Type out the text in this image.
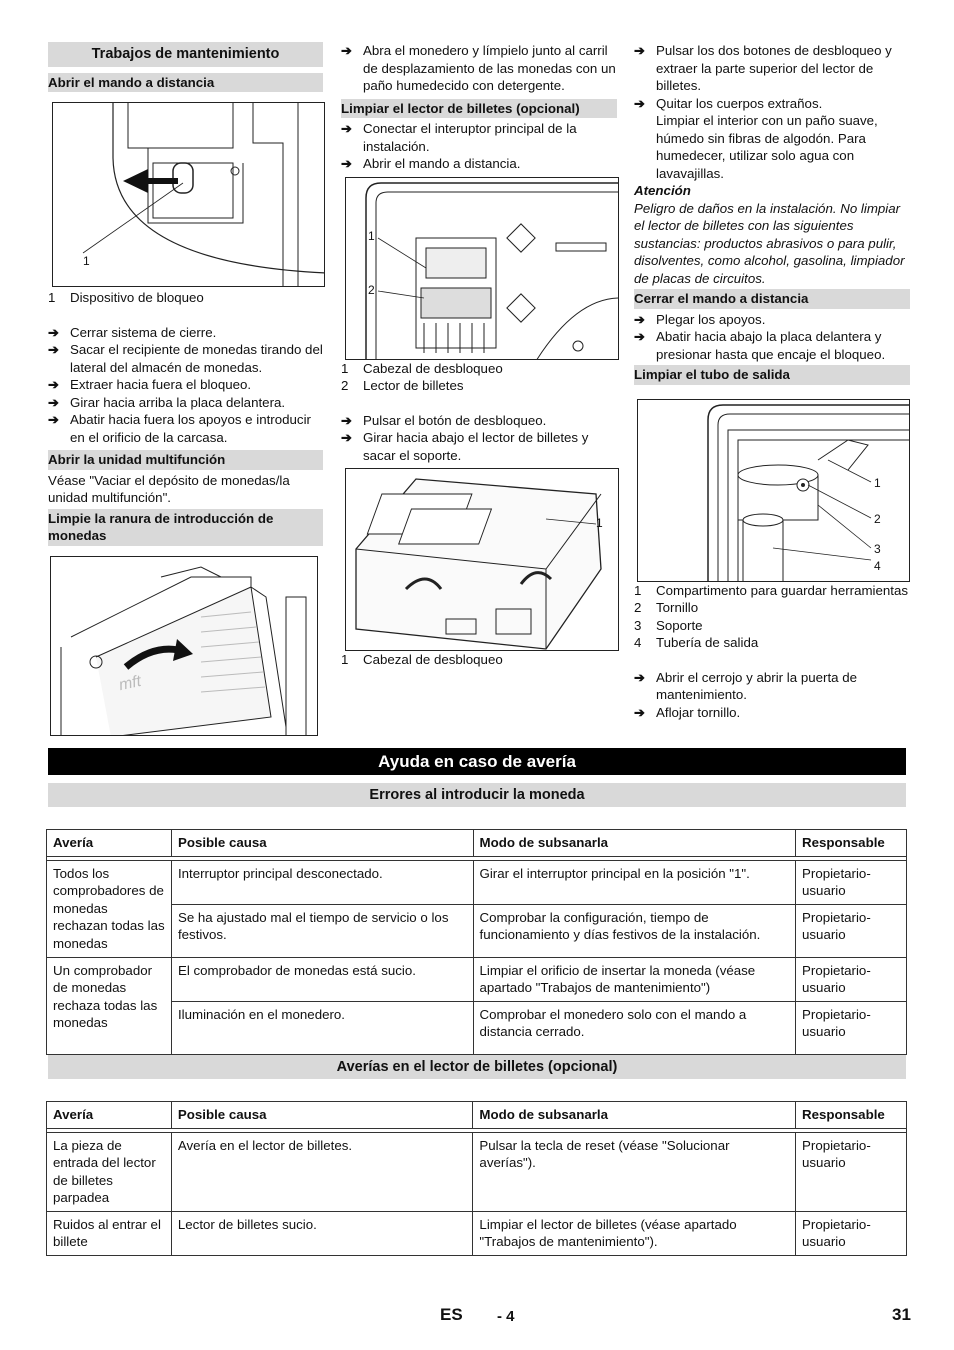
Trabajos de mantenimiento
Abrir el mando a distancia
1
1	Dispositivo de bloqueo
➔ Cerrar sistema de cierre.
➔ Sacar el recipiente de monedas tirando del lateral del almacén de monedas.
➔ Extraer hacia fuera el bloqueo.
➔ Girar hacia arriba la placa delantera.
➔ Abatir hacia fuera los apoyos e introducir en el orificio de la carcasa.
Abrir la unidad multifunción
Véase "Vaciar el depósito de monedas/la unidad multifunción".
Limpie la ranura de introducción de monedas
mft
➔ Abra el monedero y límpielo junto al carril de desplazamiento de las monedas con un paño humedecido con detergente.
Limpiar el lector de billetes (opcional)
➔ Conectar el interuptor principal de la instalación.
➔ Abrir el mando a distancia.
1
2
1	Cabezal de desbloqueo
2	Lector de billetes
➔ Pulsar el botón de desbloqueo.
➔ Girar hacia abajo el lector de billetes y sacar el soporte.
1
1	Cabezal de desbloqueo
➔ Pulsar los dos botones de desbloqueo y extraer la parte superior del lector de billetes.
➔ Quitar los cuerpos extraños.
Limpiar el interior con un paño suave, húmedo sin fibras de algodón. Para humedecer, utilizar solo agua con lavavajillas.
Atención
Peligro de daños en la instalación. No limpiar el lector de billetes con las siguientes sustancias: productos abrasivos o para pulir, disolventes, como alcohol, gasolina, limpiador de placas de circuitos.
Cerrar el mando a distancia
➔ Plegar los apoyos.
➔ Abatir hacia abajo la placa delantera y presionar hasta que encaje el bloqueo.
Limpiar el tubo de salida
1
2
3
4
1	Compartimento para guardar herramientas
2	Tornillo
3	Soporte
4	Tubería de salida
➔ Abrir el cerrojo y abrir la puerta de mantenimiento.
➔ Aflojar tornillo.
Ayuda en caso de avería
Errores al introducir la moneda
Avería	Posible causa	Modo de subsanarla	Responsable

Todos los comprobadores de monedas rechazan todas las monedas	Interruptor principal desconectado.	Girar el interruptor principal en la posición "1".	Propietario-usuario
	Se ha ajustado mal el tiempo de servicio o los festivos.	Comprobar la configuración, tiempo de funcionamiento y días festivos de la instalación.	Propietario-usuario
Un comprobador de monedas rechaza todas las monedas	El comprobador de monedas está sucio.	Limpiar el orificio de insertar la moneda (véase apartado "Trabajos de mantenimiento")	Propietario-usuario
	Iluminación en el monedero.	Comprobar el monedero solo con el mando a distancia cerrado.	Propietario-usuario
Averías en el lector de billetes (opcional)
Avería	Posible causa	Modo de subsanarla	Responsable

La pieza de entrada del lector de billetes parpadea	Avería en el lector de billetes.	Pulsar la tecla de reset (véase "Solucionar averías").	Propietario-usuario
Ruidos al entrar el billete	Lector de billetes sucio.	Limpiar el lector de billetes (véase apartado "Trabajos de mantenimiento").	Propietario-usuario
ES - 4	31
